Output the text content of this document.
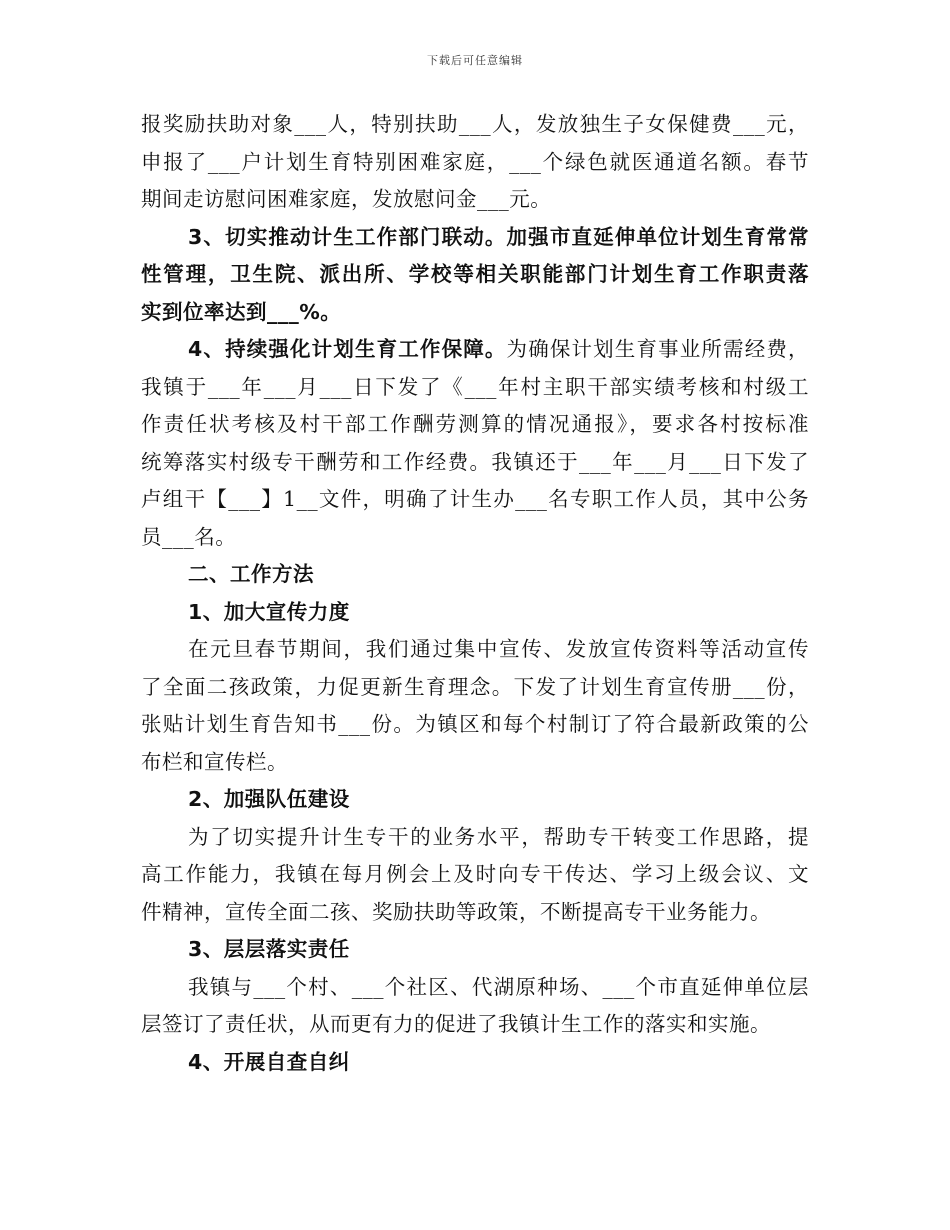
下载后可任意编辑
报奖励扶助对象___人，特别扶助___人，发放独生子女保健费___元，
申报了___户计划生育特别困难家庭，___个绿色就医通道名额。春节
期间走访慰问困难家庭，发放慰问金___元。
3、切实推动计生工作部门联动。加强市直延伸单位计划生育常常
性管理，卫生院、派出所、学校等相关职能部门计划生育工作职责落
实到位率达到___%。
4、持续强化计划生育工作保障。为确保计划生育事业所需经费，
我镇于___年___月___日下发了《___年村主职干部实绩考核和村级工
作责任状考核及村干部工作酬劳测算的情况通报》，要求各村按标准
统筹落实村级专干酬劳和工作经费。我镇还于___年___月___日下发了
卢组干【___】1__文件，明确了计生办___名专职工作人员，其中公务
员___名。
二、工作方法
1、加大宣传力度
在元旦春节期间，我们通过集中宣传、发放宣传资料等活动宣传
了全面二孩政策，力促更新生育理念。下发了计划生育宣传册___份，
张贴计划生育告知书___份。为镇区和每个村制订了符合最新政策的公
布栏和宣传栏。
2、加强队伍建设
为了切实提升计生专干的业务水平，帮助专干转变工作思路，提
高工作能力，我镇在每月例会上及时向专干传达、学习上级会议、文
件精神，宣传全面二孩、奖励扶助等政策，不断提高专干业务能力。
3、层层落实责任
我镇与___个村、___个社区、代湖原种场、___个市直延伸单位层
层签订了责任状，从而更有力的促进了我镇计生工作的落实和实施。
4、开展自查自纠
